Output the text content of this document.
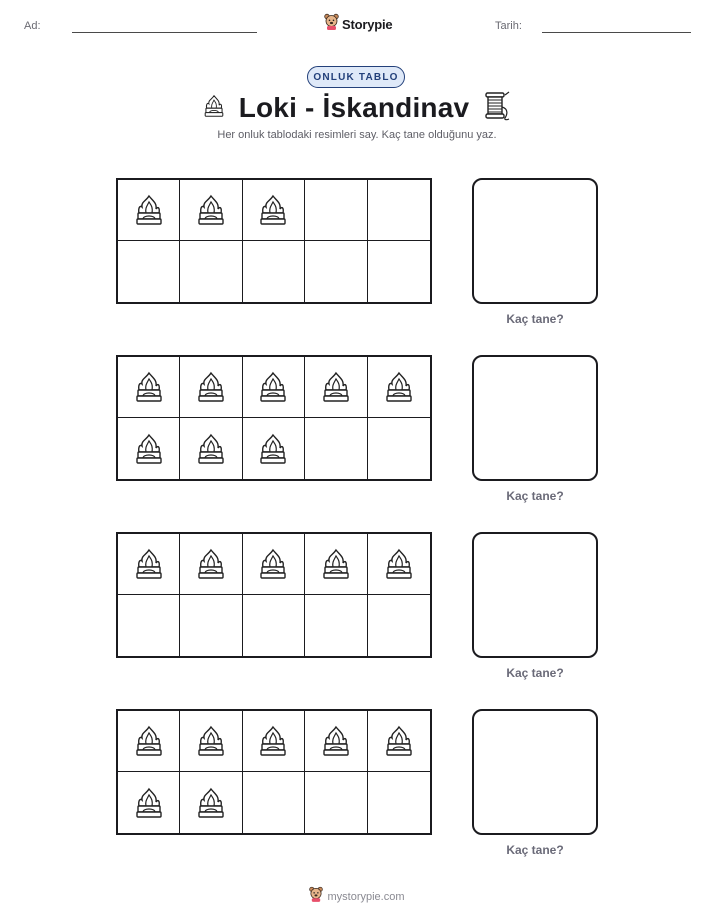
Ad:	Storypie	Tarih:
ONLUK TABLO
Loki - İskandinav
Her onluk tablodaki resimleri say. Kaç tane olduğunu yaz.
Kaç tane?
Kaç tane?
Kaç tane?
Kaç tane?
mystorypie.com
